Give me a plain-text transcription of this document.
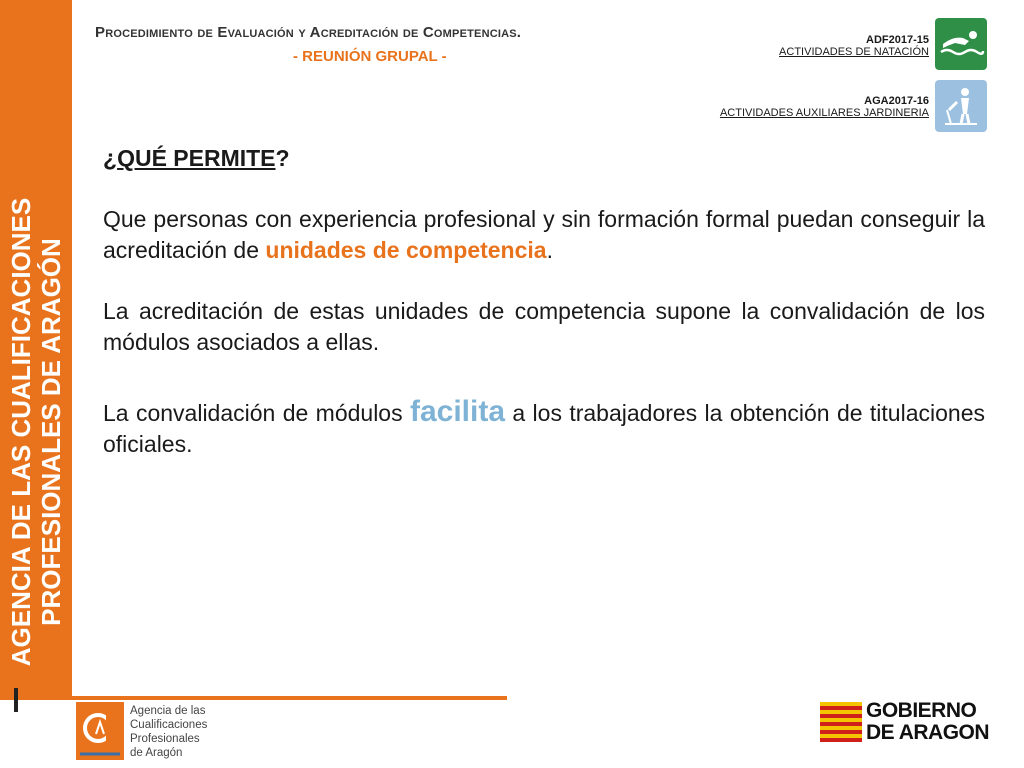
AGENCIA DE LAS CUALIFICACIONES PROFESIONALES DE ARAGÓN
Procedimiento de Evaluación y Acreditación de Competencias.
- REUNIÓN GRUPAL -
ADF2017-15
ACTIVIDADES DE NATACIÓN
AGA2017-16
ACTIVIDADES AUXILIARES JARDINERIA
¿QUÉ PERMITE?
Que personas con experiencia profesional y sin formación formal puedan conseguir la acreditación de unidades de competencia.
La acreditación de estas unidades de competencia supone la convalidación de los módulos asociados a ellas.
La convalidación de módulos facilita a los trabajadores la obtención de titulaciones oficiales.
Agencia de las
Cualificaciones
Profesionales
de Aragón
GOBIERNO
DE ARAGON
